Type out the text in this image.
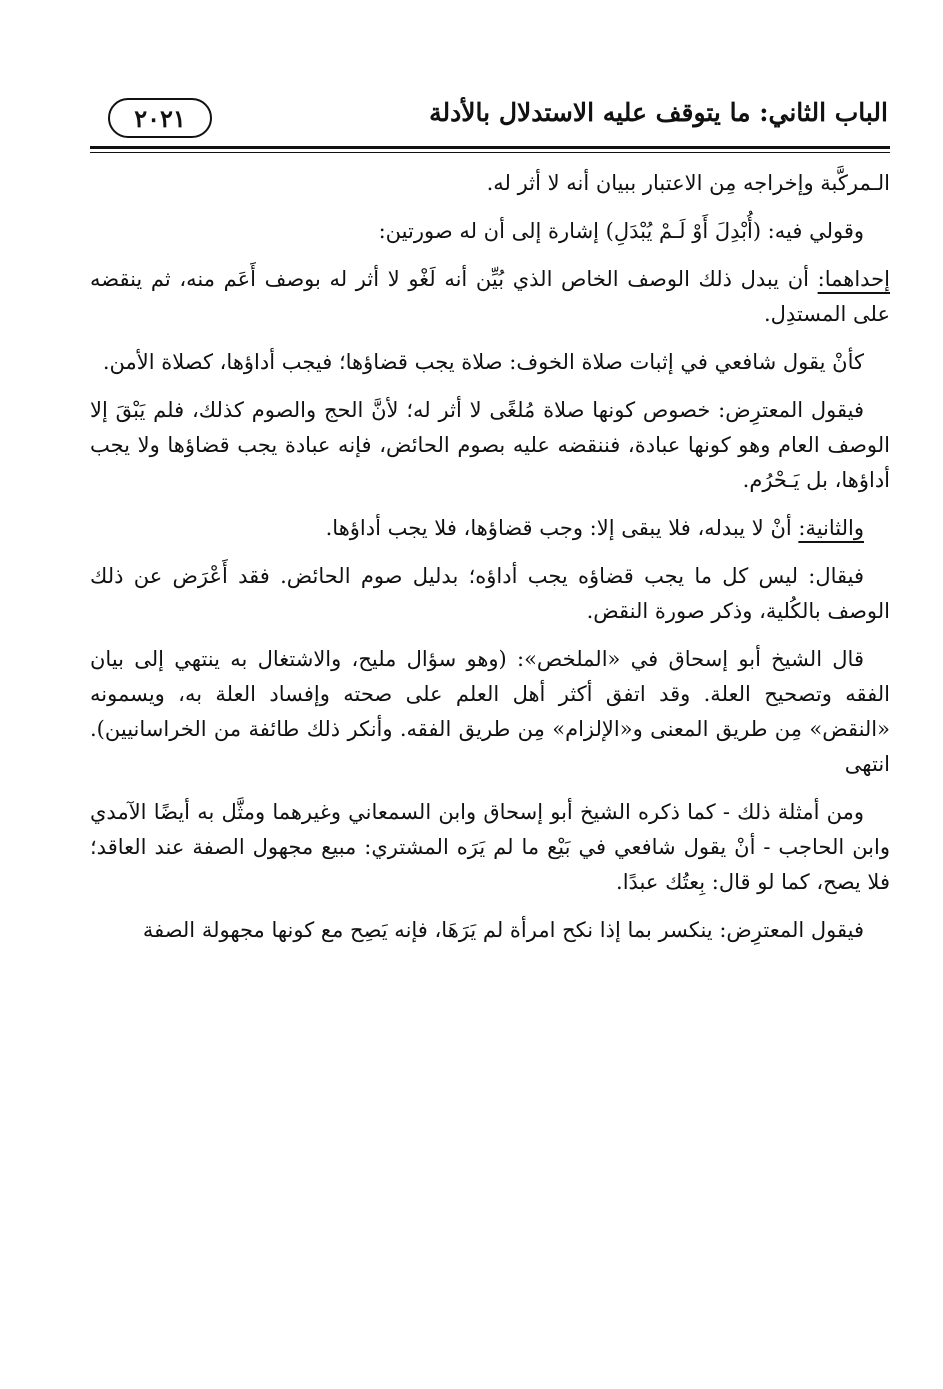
الباب الثاني: ما يتوقف عليه الاستدلال بالأدلة
٢٠٢١

الـمركَّبة وإخراجه مِن الاعتبار ببيان أنه لا أثر له.

وقولي فيه: (أُبْدِلَ أَوْ لَـمْ يُبْدَلِ) إشارة إلى أن له صورتين:

إحداهما: أن يبدل ذلك الوصف الخاص الذي بُيِّن أنه لَغْو لا أثر له بوصف أَعَم منه، ثم ينقضه على المستدِل.

كأنْ يقول شافعي في إثبات صلاة الخوف: صلاة يجب قضاؤها؛ فيجب أداؤها، كصلاة الأمن.

فيقول المعترِض: خصوص كونها صلاة مُلغًى لا أثر له؛ لأنَّ الحج والصوم كذلك، فلم يَبْقَ إلا الوصف العام وهو كونها عبادة، فننقضه عليه بصوم الحائض، فإنه عبادة يجب قضاؤها ولا يجب أداؤها، بل يَـحْرُم.

والثانية: أنْ لا يبدله، فلا يبقى إلا: وجب قضاؤها، فلا يجب أداؤها.

فيقال: ليس كل ما يجب قضاؤه يجب أداؤه؛ بدليل صوم الحائض. فقد أَعْرَض عن ذلك الوصف بالكُلية، وذكر صورة النقض.

قال الشيخ أبو إسحاق في «الملخص»: (وهو سؤال مليح، والاشتغال به ينتهي إلى بيان الفقه وتصحيح العلة. وقد اتفق أكثر أهل العلم على صحته وإفساد العلة به، ويسمونه «النقض» مِن طريق المعنى و«الإلزام» مِن طريق الفقه. وأنكر ذلك طائفة من الخراسانيين). انتهى

ومن أمثلة ذلك - كما ذكره الشيخ أبو إسحاق وابن السمعاني وغيرهما ومثَّل به أيضًا الآمدي وابن الحاجب - أنْ يقول شافعي في بَيْع ما لم يَرَه المشتري: مبيع مجهول الصفة عند العاقد؛ فلا يصح، كما لو قال: بِعتُك عبدًا.

فيقول المعترِض: ينكسر بما إذا نكح امرأة لم يَرَهَا، فإنه يَصِح مع كونها مجهولة الصفة
